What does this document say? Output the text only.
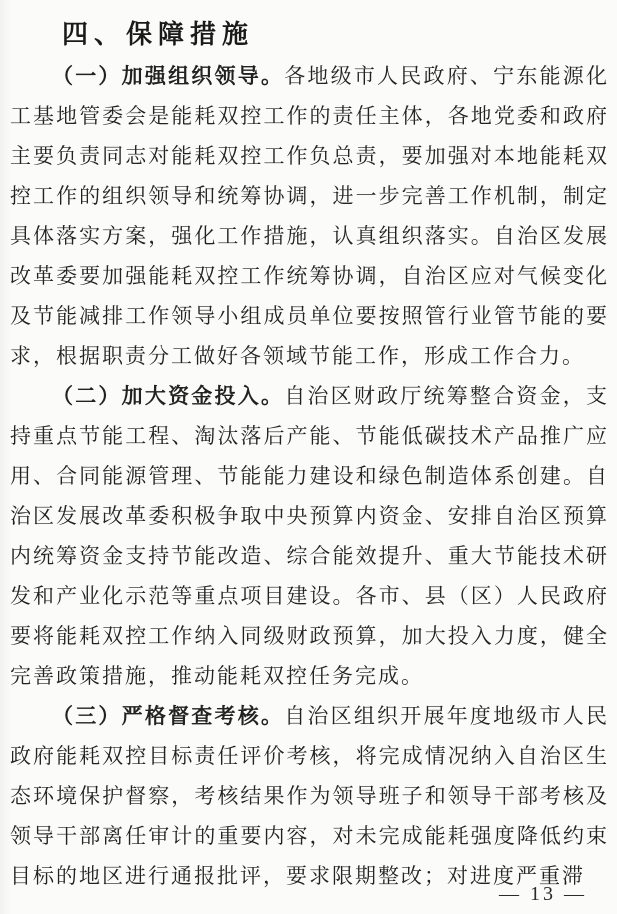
四、保障措施

（一）加强组织领导。各地级市人民政府、宁东能源化工基地管委会是能耗双控工作的责任主体，各地党委和政府主要负责同志对能耗双控工作负总责，要加强对本地能耗双控工作的组织领导和统筹协调，进一步完善工作机制，制定具体落实方案，强化工作措施，认真组织落实。自治区发展改革委要加强能耗双控工作统筹协调，自治区应对气候变化及节能减排工作领导小组成员单位要按照管行业管节能的要求，根据职责分工做好各领域节能工作，形成工作合力。

（二）加大资金投入。自治区财政厅统筹整合资金，支持重点节能工程、淘汰落后产能、节能低碳技术产品推广应用、合同能源管理、节能能力建设和绿色制造体系创建。自治区发展改革委积极争取中央预算内资金、安排自治区预算内统筹资金支持节能改造、综合能效提升、重大节能技术研发和产业化示范等重点项目建设。各市、县（区）人民政府要将能耗双控工作纳入同级财政预算，加大投入力度，健全完善政策措施，推动能耗双控任务完成。

（三）严格督查考核。自治区组织开展年度地级市人民政府能耗双控目标责任评价考核，将完成情况纳入自治区生态环境保护督察，考核结果作为领导班子和领导干部考核及领导干部离任审计的重要内容，对未完成能耗强度降低约束目标的地区进行通报批评，要求限期整改；对进度严重滞

— 13 —
